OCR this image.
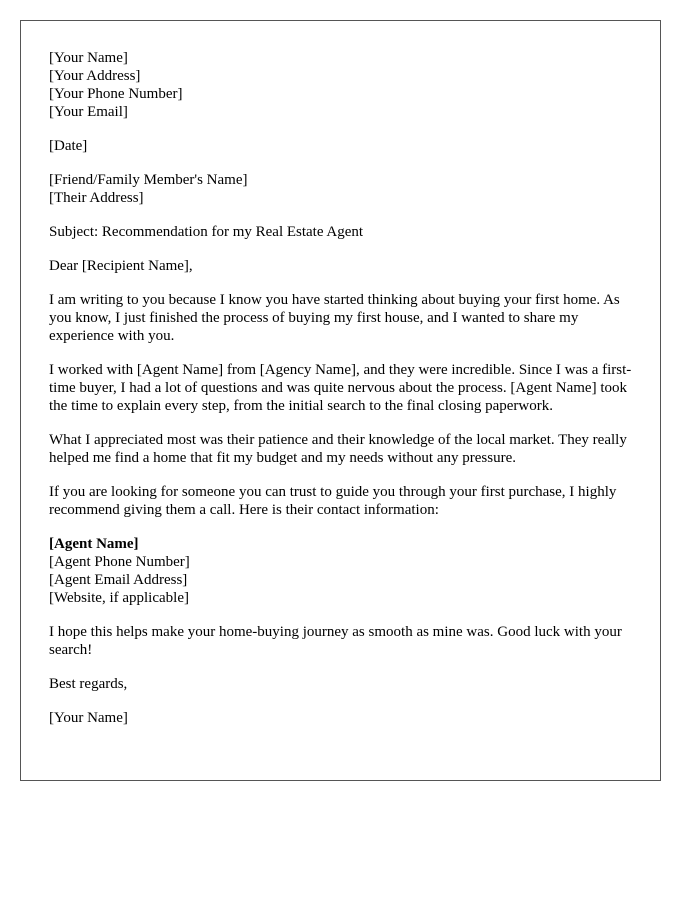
[Your Name]
[Your Address]
[Your Phone Number]
[Your Email]
[Date]
[Friend/Family Member's Name]
[Their Address]

Subject: Recommendation for my Real Estate Agent

Dear [Recipient Name],

I am writing to you because I know you have started thinking about buying your first home. As you know, I just finished the process of buying my first house, and I wanted to share my experience with you.

I worked with [Agent Name] from [Agency Name], and they were incredible. Since I was a first-time buyer, I had a lot of questions and was quite nervous about the process. [Agent Name] took the time to explain every step, from the initial search to the final closing paperwork.

What I appreciated most was their patience and their knowledge of the local market. They really helped me find a home that fit my budget and my needs without any pressure.

If you are looking for someone you can trust to guide you through your first purchase, I highly recommend giving them a call. Here is their contact information:

[Agent Name]
[Agent Phone Number]
[Agent Email Address]
[Website, if applicable]

I hope this helps make your home-buying journey as smooth as mine was. Good luck with your search!

Best regards,

[Your Name]
